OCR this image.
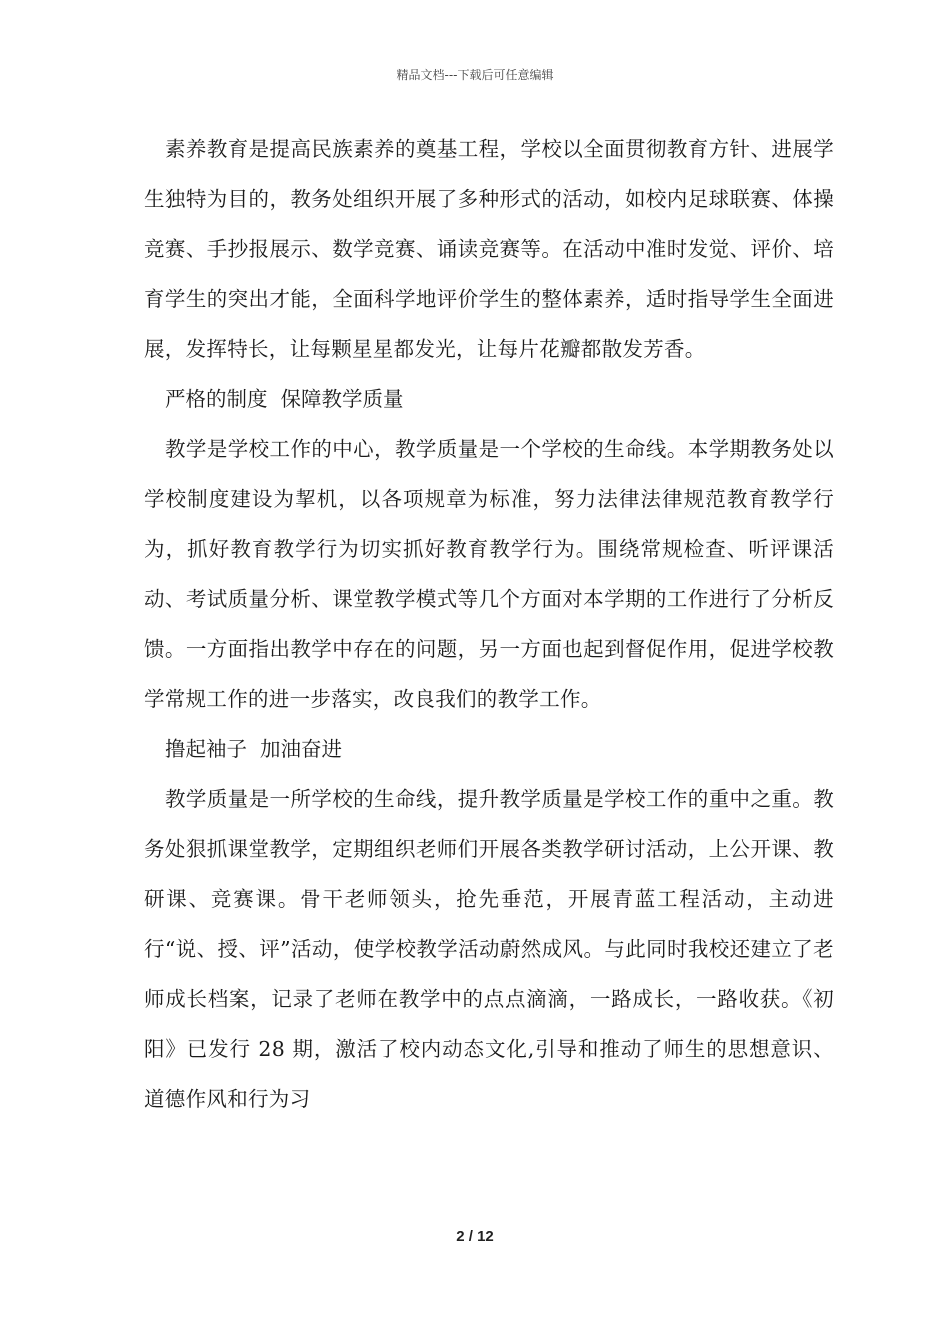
精品文档---下载后可任意编辑

素养教育是提高民族素养的奠基工程，学校以全面贯彻教育方针、进展学生独特为目的，教务处组织开展了多种形式的活动，如校内足球联赛、体操竞赛、手抄报展示、数学竞赛、诵读竞赛等。在活动中准时发觉、评价、培育学生的突出才能，全面科学地评价学生的整体素养，适时指导学生全面进展，发挥特长，让每颗星星都发光，让每片花瓣都散发芳香。

严格的制度  保障教学质量

教学是学校工作的中心，教学质量是一个学校的生命线。本学期教务处以学校制度建设为挈机，以各项规章为标准，努力法律法律规范教育教学行为，抓好教育教学行为切实抓好教育教学行为。围绕常规检查、听评课活动、考试质量分析、课堂教学模式等几个方面对本学期的工作进行了分析反馈。一方面指出教学中存在的问题，另一方面也起到督促作用，促进学校教学常规工作的进一步落实，改良我们的教学工作。

撸起袖子  加油奋进

教学质量是一所学校的生命线，提升教学质量是学校工作的重中之重。教务处狠抓课堂教学，定期组织老师们开展各类教学研讨活动，上公开课、教研课、竞赛课。骨干老师领头，抢先垂范，开展青蓝工程活动，主动进行“说、授、评”活动，使学校教学活动蔚然成风。与此同时我校还建立了老师成长档案，记录了老师在教学中的点点滴滴，一路成长，一路收获。《初阳》已发行 28 期，激活了校内动态文化,引导和推动了师生的思想意识、道德作风和行为习

2 / 12
